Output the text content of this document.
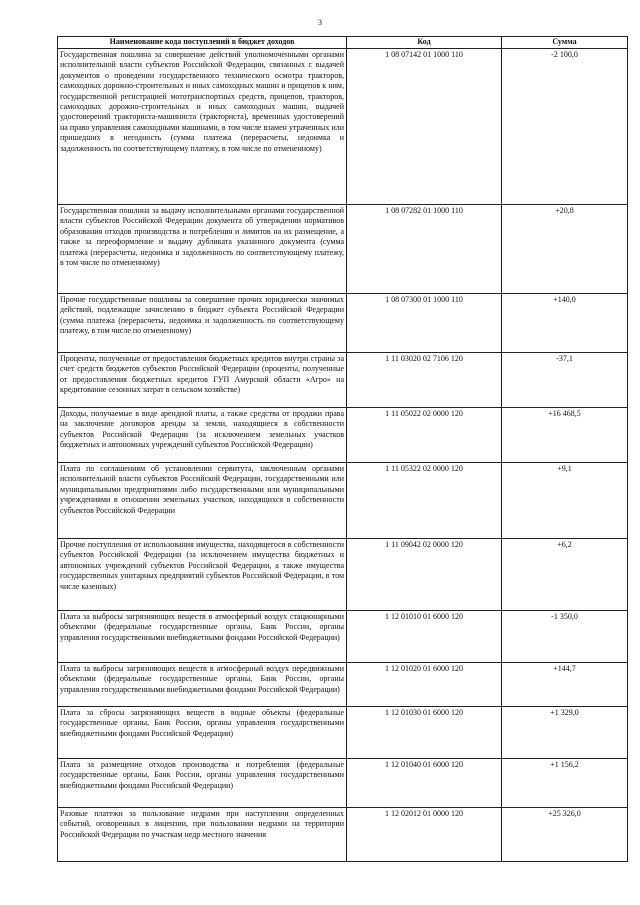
3
Наименование кода поступлений в бюджет доходов	Код	Сумма
Государственная пошлина за совершение действий уполномоченными органами исполнительной власти субъектов Российской Федерации, связанных с выдачей документов о проведении государственного технического осмотра тракторов, самоходных дорожно-строительных и иных самоходных машин и прицепов к ним, государственной регистрацией мототранспортных средств, прицепов, тракторов, самоходных дорожно-строительных и иных самоходных машин, выдачей удостоверений тракториста-машиниста (тракториста), временных удостоверений на право управления самоходными машинами, в том числе взамен утраченных или пришедших в негодность (сумма платежа (перерасчеты, недоимка и задолженность по соответствующему платежу, в том числе по отмененному)	1 08 07142 01 1000 110	-2 100,0
Государственная пошлина за выдачу исполнительными органами государственной власти субъектов Российской Федерации документа об утверждении нормативов образования отходов производства и потребления и лимитов на их размещение, а также за переоформление и выдачу дубликата указанного документа (сумма платежа (перерасчеты, недоимка и задолженность по соответствующему платежу, в том числе по отмененному)	1 08 07282 01 1000 110	+20,8
Прочие государственные пошлины за совершение прочих юридически значимых действий, подлежащие зачислению в бюджет субъекта Российской Федерации (сумма платежа (перерасчеты, недоимка и задолженность по соответствующему платежу, в том числе по отмененному)	1 08 07300 01 1000 110	+140,0
Проценты, полученные от предоставления бюджетных кредитов внутри страны за счет средств бюджетов субъектов Российской Федерации (проценты, полученные от предоставления бюджетных кредитов ГУП Амурской области «Агро» на кредитование сезонных затрат в сельском хозяйстве)	1 11 03020 02 7106 120	-37,1
Доходы, получаемые в виде арендной платы, а также средства от продажи права на заключение договоров аренды за земли, находящиеся в собственности субъектов Российской Федерации (за исключением земельных участков бюджетных и автономных учреждений субъектов Российской Федерации)	1 11 05022 02 0000 120	+16 468,5
Плата по соглашениям об установлении сервитута, заключенным органами исполнительной власти субъектов Российской Федерации, государственными или муниципальными предприятиями либо государственными или муниципальными учреждениями в отношении земельных участков, находящихся в собственности субъектов Российской Федерации	1 11 05322 02 0000 120	+9,1
Прочие поступления от использования имущества, находящегося в собственности субъектов Российской Федерации (за исключением имущества бюджетных и автономных учреждений субъектов Российской Федерации, а также имущества государственных унитарных предприятий субъектов Российской Федерации, в том числе казенных)	1 11 09042 02 0000 120	+6,2
Плата за выбросы загрязняющих веществ в атмосферный воздух стационарными объектами (федеральные государственные органы, Банк России, органы управления государственными внебюджетными фондами Российской Федерации)	1 12 01010 01 6000 120	-1 350,0
Плата за выбросы загрязняющих веществ в атмосферный воздух передвижными объектами (федеральные государственные органы, Банк России, органы управления государственными внебюджетными фондами Российской Федерации)	1 12 01020 01 6000 120	+144,7
Плата за сбросы загрязняющих веществ в водные объекты (федеральные государственные органы, Банк России, органы управления государственными внебюджетными фондами Российской Федерации)	1 12 01030 01 6000 120	+1 329,0
Плата за размещение отходов производства и потребления (федеральные государственные органы, Банк России, органы управления государственными внебюджетными фондами Российской Федерации)	1 12 01040 01 6000 120	+1 156,2
Разовые платежи за пользование недрами при наступлении определенных событий, оговоренных в лицензии, при пользовании недрами на территории Российской Федерации по участкам недр местного значения	1 12 02012 01 0000 120	+25 326,0
